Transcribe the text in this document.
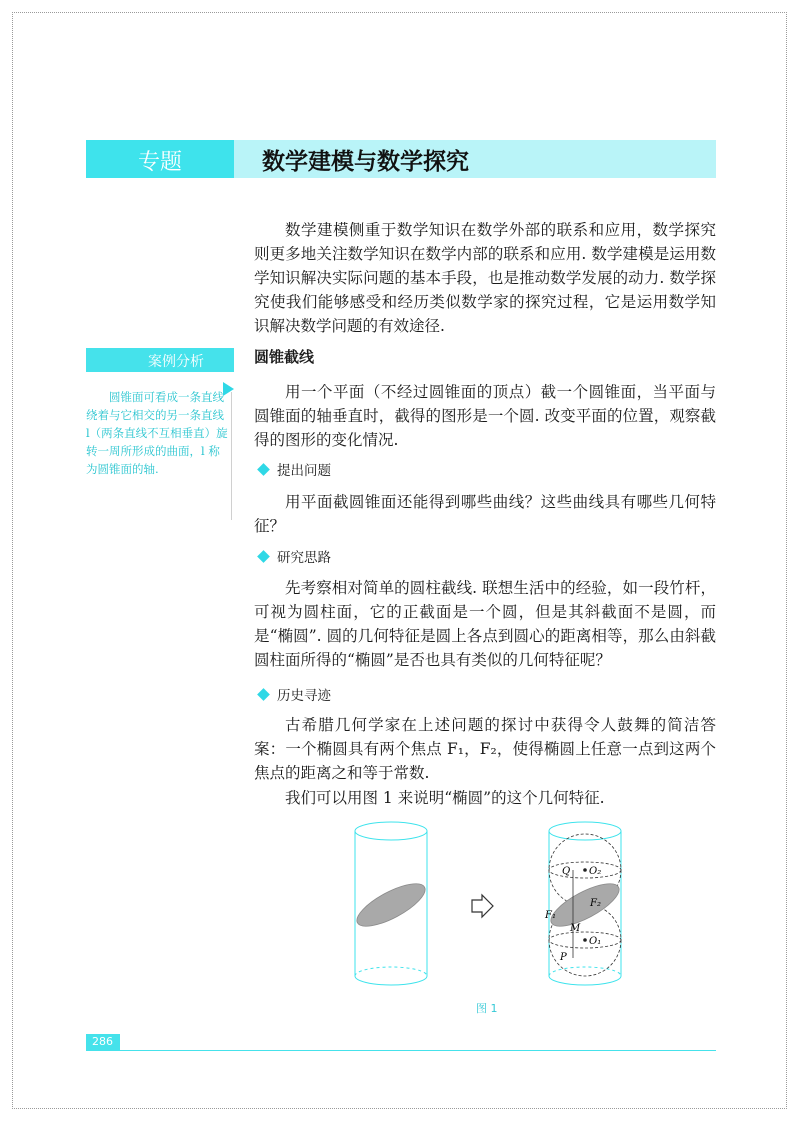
专题	数学建模与数学探究

数学建模侧重于数学知识在数学外部的联系和应用，数学探究则更多地关注数学知识在数学内部的联系和应用. 数学建模是运用数学知识解决实际问题的基本手段，也是推动数学发展的动力. 数学探究使我们能够感受和经历类似数学家的探究过程，它是运用数学知识解决数学问题的有效途径.

案例分析

圆锥面可看成一条直线绕着与它相交的另一条直线 l（两条直线不互相垂直）旋转一周所形成的曲面，l 称为圆锥面的轴.

圆锥截线

用一个平面（不经过圆锥面的顶点）截一个圆锥面，当平面与圆锥面的轴垂直时，截得的图形是一个圆. 改变平面的位置，观察截得的图形的变化情况.

提出问题

用平面截圆锥面还能得到哪些曲线？这些曲线具有哪些几何特征？

研究思路

先考察相对简单的圆柱截线. 联想生活中的经验，如一段竹杆，可视为圆柱面，它的正截面是一个圆，但是其斜截面不是圆，而是“椭圆”. 圆的几何特征是圆上各点到圆心的距离相等，那么由斜截圆柱面所得的“椭圆”是否也具有类似的几何特征呢？

历史寻迹

古希腊几何学家在上述问题的探讨中获得令人鼓舞的简洁答案：一个椭圆具有两个焦点 F₁，F₂，使得椭圆上任意一点到这两个焦点的距离之和等于常数.

我们可以用图 1 来说明“椭圆”的这个几何特征.

Q O₂
F₁
F₂
M
O₁
P
图 1
286
